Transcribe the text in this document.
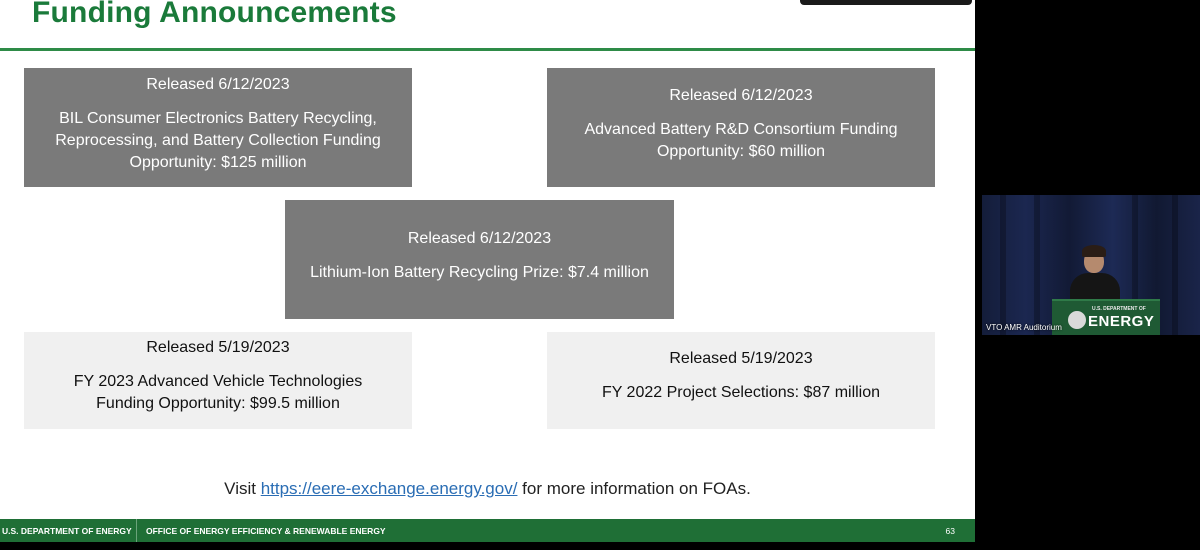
Funding Announcements
Released 6/12/2023
BIL Consumer Electronics Battery Recycling, Reprocessing, and Battery Collection Funding Opportunity: $125 million
Released 6/12/2023
Advanced Battery R&D Consortium Funding Opportunity: $60 million
Released 6/12/2023
Lithium-Ion Battery Recycling Prize: $7.4 million
Released 5/19/2023
FY 2023 Advanced Vehicle Technologies Funding Opportunity: $99.5 million
Released 5/19/2023
FY 2022 Project Selections: $87 million
Visit https://eere-exchange.energy.gov/ for more information on FOAs.
U.S. DEPARTMENT OF ENERGY OFFICE OF ENERGY EFFICIENCY & RENEWABLE ENERGY	63
U.S. DEPARTMENT OF
ENERGY
VTO AMR Auditorium
